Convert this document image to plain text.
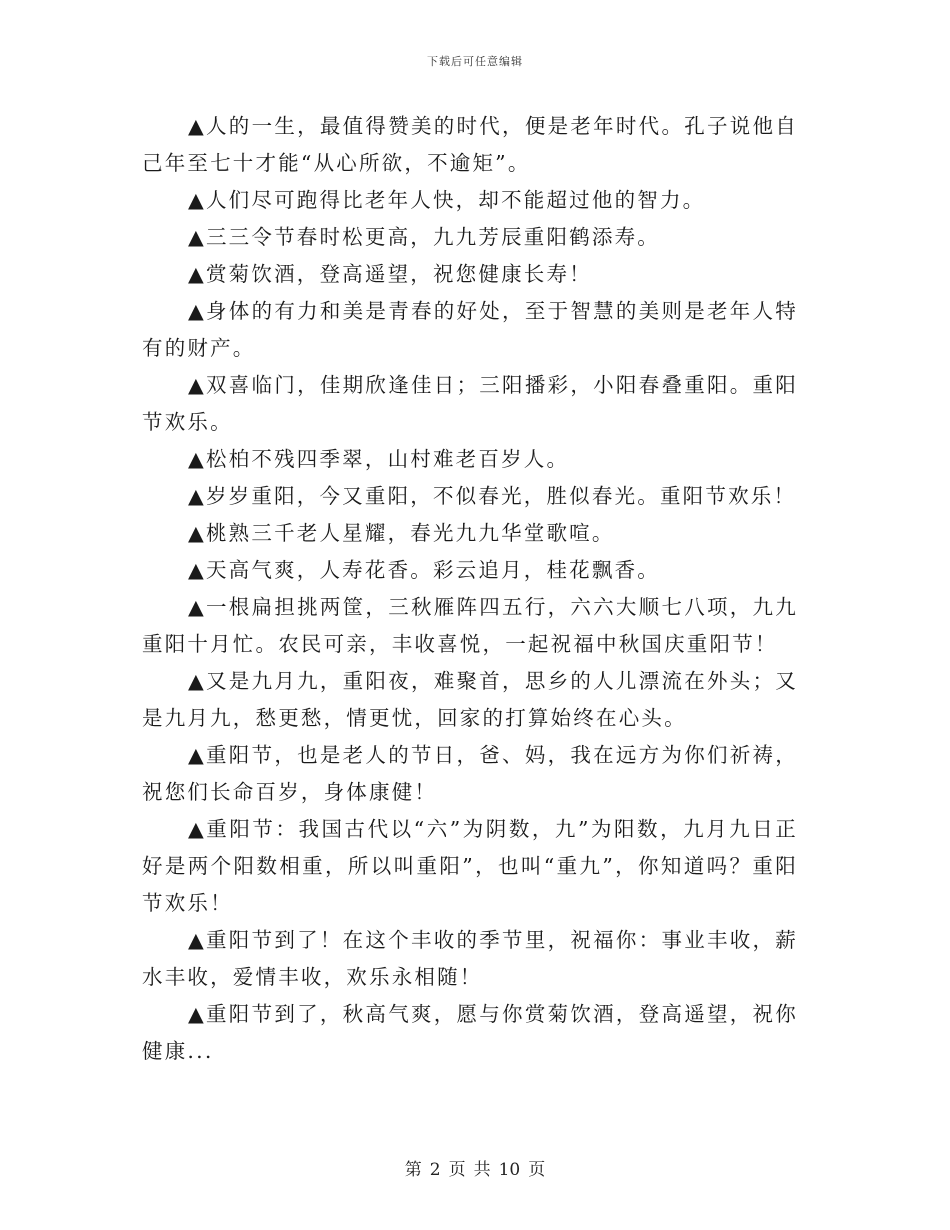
下载后可任意编辑

▲人的一生，最值得赞美的时代，便是老年时代。孔子说他自己年至七十才能“从心所欲，不逾矩”。

▲人们尽可跑得比老年人快，却不能超过他的智力。

▲三三令节春时松更高，九九芳辰重阳鹤添寿。

▲赏菊饮酒，登高遥望，祝您健康长寿！

▲身体的有力和美是青春的好处，至于智慧的美则是老年人特有的财产。

▲双喜临门，佳期欣逢佳日；三阳播彩，小阳春叠重阳。重阳节欢乐。

▲松柏不残四季翠，山村难老百岁人。

▲岁岁重阳，今又重阳，不似春光，胜似春光。重阳节欢乐！

▲桃熟三千老人星耀，春光九九华堂歌喧。

▲天高气爽，人寿花香。彩云追月，桂花飘香。

▲一根扁担挑两筐，三秋雁阵四五行，六六大顺七八项，九九重阳十月忙。农民可亲，丰收喜悦，一起祝福中秋国庆重阳节！

▲又是九月九，重阳夜，难聚首，思乡的人儿漂流在外头；又是九月九，愁更愁，情更忧，回家的打算始终在心头。

▲重阳节，也是老人的节日，爸、妈，我在远方为你们祈祷，祝您们长命百岁，身体康健！

▲重阳节：我国古代以“六”为阴数，九”为阳数，九月九日正好是两个阳数相重，所以叫重阳”，也叫“重九”，你知道吗？重阳节欢乐！

▲重阳节到了！在这个丰收的季节里，祝福你：事业丰收，薪水丰收，爱情丰收，欢乐永相随！

▲重阳节到了，秋高气爽，愿与你赏菊饮酒，登高遥望，祝你健康...

第 2 页 共 10 页
